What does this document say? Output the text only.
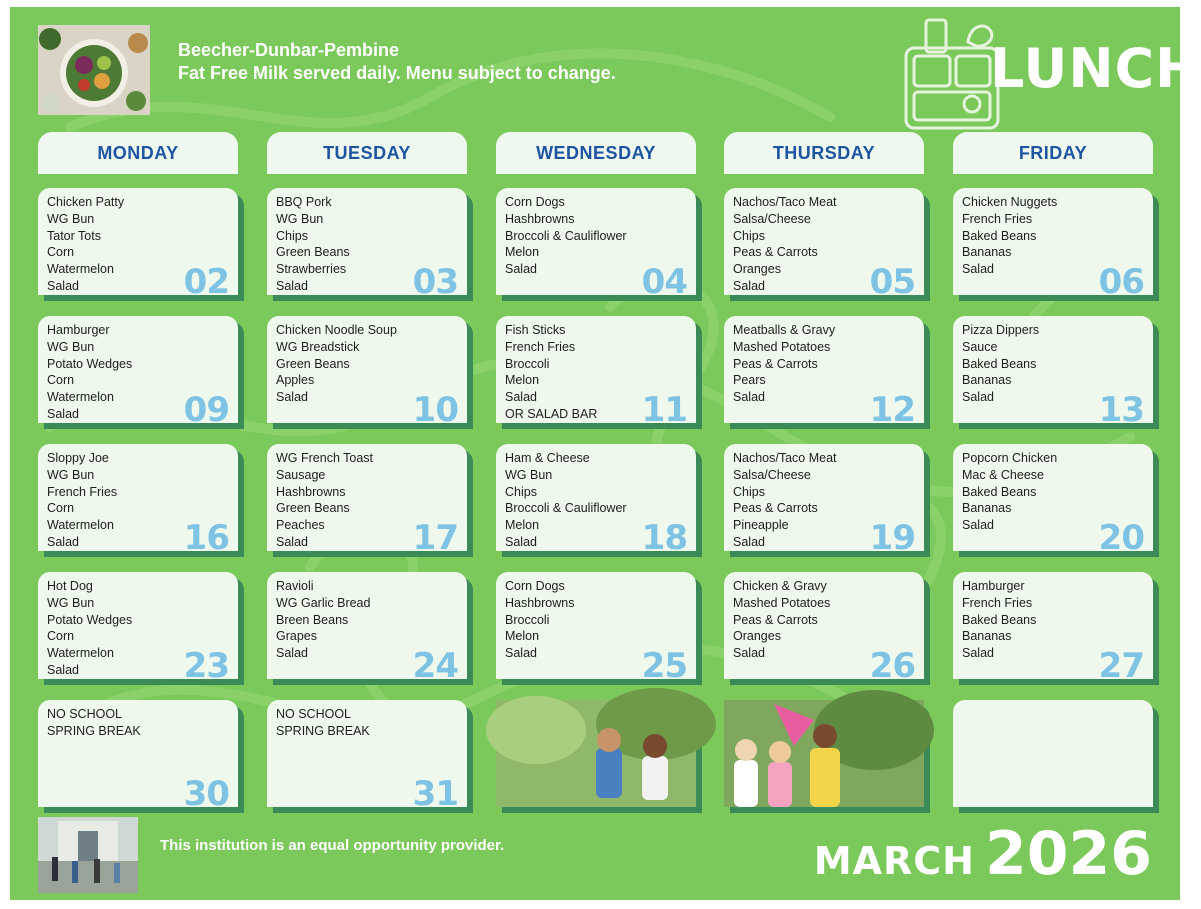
Beecher-Dunbar-Pembine
Fat Free Milk served daily. Menu subject to change.	LUNCH
MONDAY	TUESDAY	WEDNESDAY	THURSDAY	FRIDAY
Chicken Patty
WG Bun
Tator Tots
Corn
Watermelon
Salad	02
BBQ Pork
WG Bun
Chips
Green Beans
Strawberries
Salad	03
Corn Dogs
Hashbrowns
Broccoli & Cauliflower
Melon
Salad	04
Nachos/Taco Meat
Salsa/Cheese
Chips
Peas & Carrots
Oranges
Salad	05
Chicken Nuggets
French Fries
Baked Beans
Bananas
Salad	06
Hamburger
WG Bun
Potato Wedges
Corn
Watermelon
Salad	09
Chicken Noodle Soup
WG Breadstick
Green Beans
Apples
Salad	10
Fish Sticks
French Fries
Broccoli
Melon
Salad
OR SALAD BAR	11
Meatballs & Gravy
Mashed Potatoes
Peas & Carrots
Pears
Salad	12
Pizza Dippers
Sauce
Baked Beans
Bananas
Salad	13
Sloppy Joe
WG Bun
French Fries
Corn
Watermelon
Salad	16
WG French Toast
Sausage
Hashbrowns
Green Beans
Peaches
Salad	17
Ham & Cheese
WG Bun
Chips
Broccoli & Cauliflower
Melon
Salad	18
Nachos/Taco Meat
Salsa/Cheese
Chips
Peas & Carrots
Pineapple
Salad	19
Popcorn Chicken
Mac & Cheese
Baked Beans
Bananas
Salad	20
Hot Dog
WG Bun
Potato Wedges
Corn
Watermelon
Salad	23
Ravioli
WG Garlic Bread
Breen Beans
Grapes
Salad	24
Corn Dogs
Hashbrowns
Broccoli
Melon
Salad	25
Chicken & Gravy
Mashed Potatoes
Peas & Carrots
Oranges
Salad	26
Hamburger
French Fries
Baked Beans
Bananas
Salad	27
NO SCHOOL
SPRING BREAK
30
NO SCHOOL
SPRING BREAK
31
This institution is an equal opportunity provider.	MARCH 2026
